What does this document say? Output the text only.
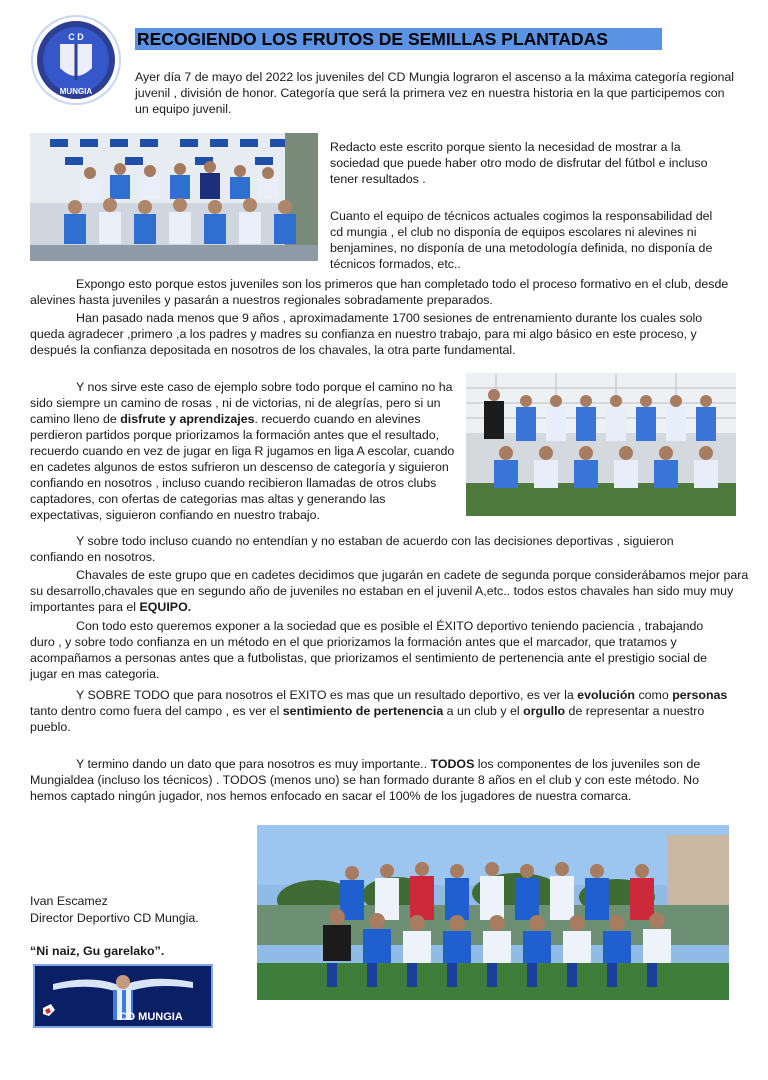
C D
MUNGIA
RECOGIENDO LOS FRUTOS DE SEMILLAS PLANTADAS

Ayer día 7 de mayo del 2022 los juveniles del CD Mungia lograron el ascenso a la máxima categoría regional juvenil , división de honor. Categoría que será la primera vez en nuestra historia en la que participemos con un equipo juvenil.

Redacto este escrito porque siento la necesidad de mostrar a la sociedad que puede haber otro modo de disfrutar del fútbol e incluso tener resultados .

Cuanto el equipo de técnicos actuales cogimos la responsabilidad del cd mungia , el club no disponía de equipos escolares ni alevines ni benjamines, no disponía de una metodología definida, no disponía de técnicos formados, etc..

Expongo esto porque estos juveniles son los primeros que han completado todo el proceso formativo en el club, desde alevines hasta juveniles y pasarán a nuestros regionales sobradamente preparados.

Han pasado nada menos que 9 años , aproximadamente 1700 sesiones de entrenamiento durante los cuales solo queda agradecer ,primero ,a los padres y madres su confianza en nuestro trabajo, para mi algo básico en este proceso, y después la confianza depositada en nosotros de los chavales, la otra parte fundamental.

Y nos sirve este caso de ejemplo sobre todo porque el camino no ha sido siempre un camino de rosas , ni de victorias, ni de alegrías, pero si un camino lleno de disfrute y aprendizajes. recuerdo cuando en alevines perdieron partidos porque priorizamos la formación antes que el resultado, recuerdo cuando en vez de jugar en liga R jugamos en liga A escolar, cuando en cadetes algunos de estos sufrieron un descenso de categoría y siguieron confiando en nosotros , incluso cuando recibieron llamadas de otros clubs captadores, con ofertas de categorias mas altas y generando las expectativas, siguieron confiando en nuestro trabajo.

Y sobre todo incluso cuando no entendían y no estaban de acuerdo con las decisiones deportivas , siguieron confiando en nosotros.

Chavales de este grupo que en cadetes decidimos que jugarán en cadete de segunda porque considerábamos mejor para su desarrollo,chavales que en segundo año de juveniles no estaban en el juvenil A,etc.. todos estos chavales han sido muy muy importantes para el EQUIPO.

Con todo esto queremos exponer a la sociedad que es posible el ÉXITO deportivo teniendo paciencia , trabajando duro , y sobre todo confianza en un método en el que priorizamos la formación antes que el marcador, que tratamos y acompañamos a personas antes que a futbolistas, que priorizamos el sentimiento de pertenencia ante el prestigio social de jugar en mas categoria.

Y SOBRE TODO que para nosotros el EXITO es mas que un resultado deportivo, es ver la evolución como personas tanto dentro como fuera del campo , es ver el sentimiento de pertenencia a un club y el orgullo de representar a nuestro pueblo.

Y termino dando un dato que para nosotros es muy importante.. TODOS los componentes de los juveniles son de Mungialdea (incluso los técnicos) . TODOS (menos uno) se han formado durante 8 años en el club y con este método. No hemos captado ningún jugador, nos hemos enfocado en sacar el 100% de los jugadores de nuestra comarca.

Ivan Escamez

Director Deportivo CD Mungia.

“Ni naiz, Gu garelako”.

CD MUNGIA
